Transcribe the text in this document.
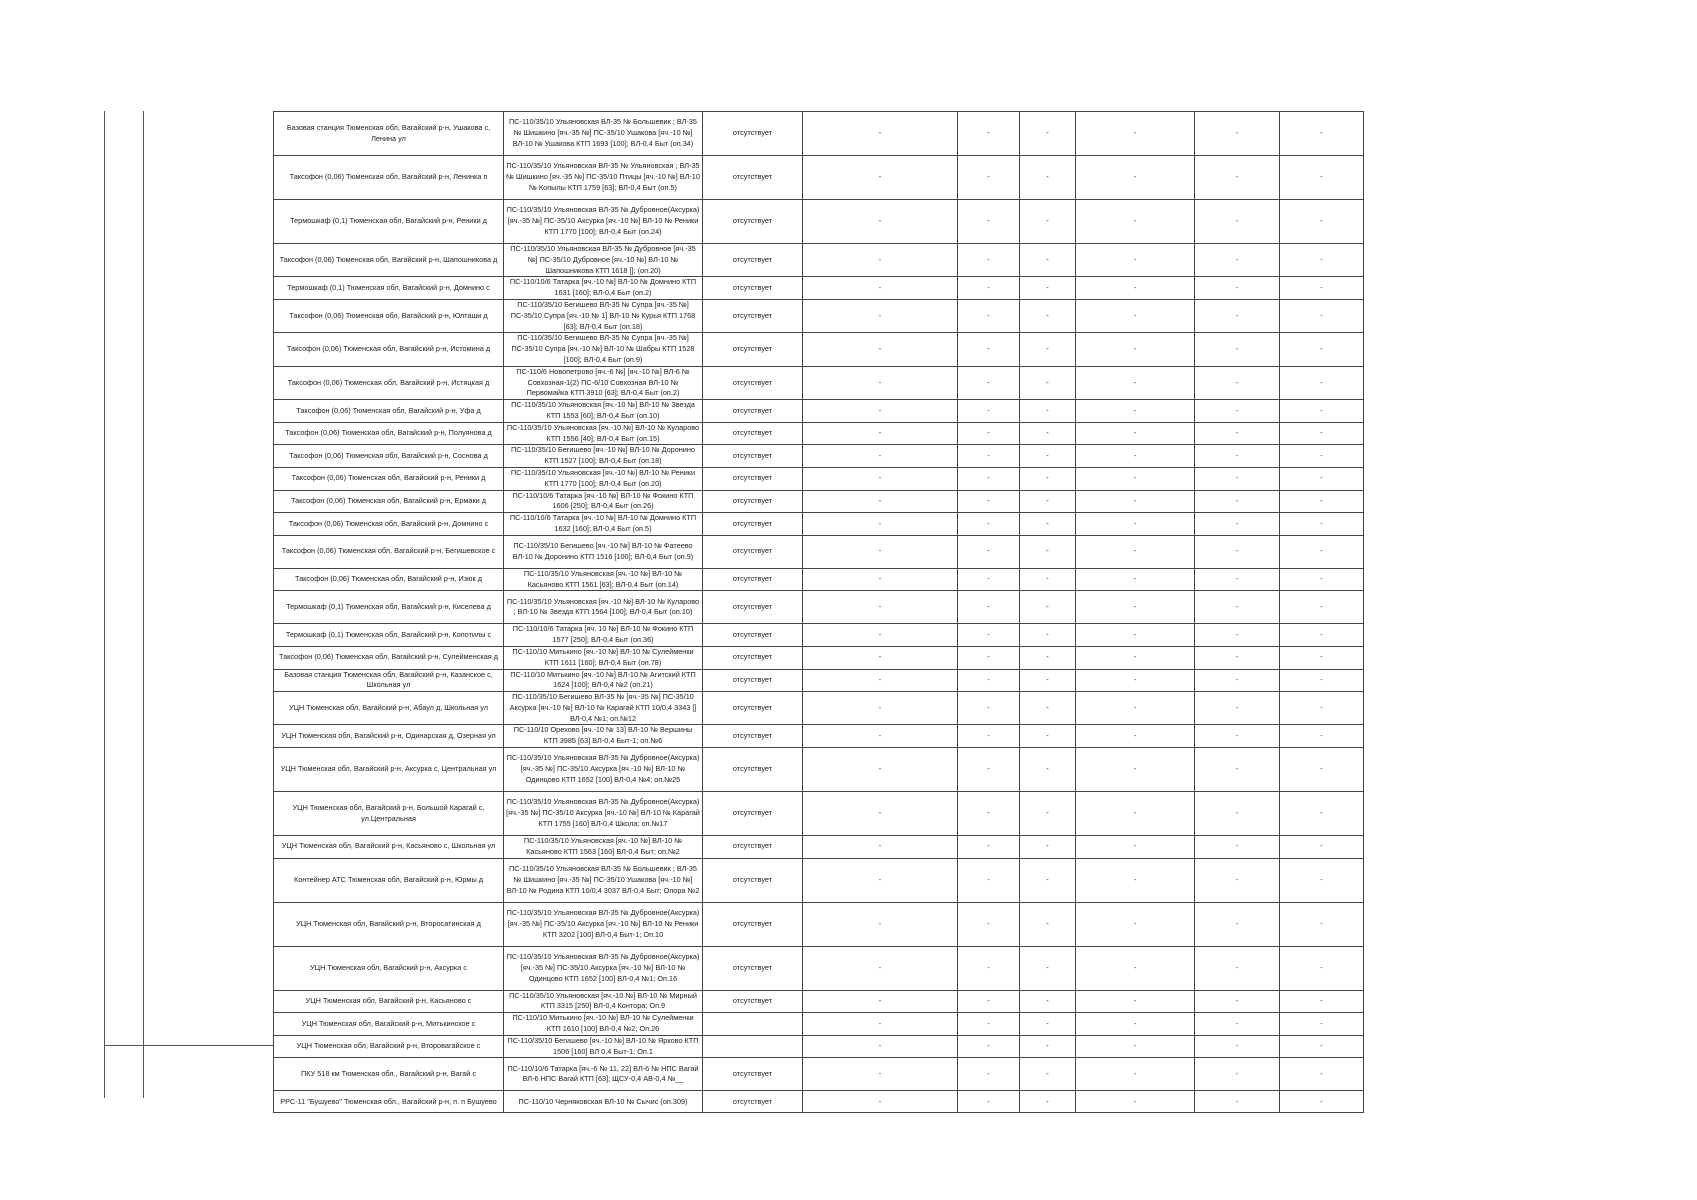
Базовая станция Тюменская обл, Вагайский р-н, Ушакова с, Ленина ул	ПС-110/35/10 Ульяновская ВЛ-35 № Большевик ; ВЛ-35 № Шишкино [яч.-35 №] ПС-35/10 Ушакова [яч.-10 №] ВЛ-10 № Ушакова КТП 1693 [100]; ВЛ-0,4 Быт (оп.34)	отсутствует	-	-	-	-	-	-
Таксофон (0,06) Тюменская обл, Вагайский р-н, Ленинка п	ПС-110/35/10 Ульяновская ВЛ-35 № Ульяновская ; ВЛ-35 № Шишкино [яч.-35 №] ПС-35/10 Птицы [яч.-10 №] ВЛ-10 № Копылы КТП 1759 [63]; ВЛ-0,4 Быт (оп.5)	отсутствует	-	-	-	-	-	-
Термошкаф (0,1) Тюменская обл, Вагайский р-н, Реники д	ПС-110/35/10 Ульяновская ВЛ-35 № Дубровное(Аксурка) [яч.-35 №] ПС-35/10 Аксурка [яч.-10 №] ВЛ-10 № Реники КТП 1770 [100]; ВЛ-0,4 Быт (оп.24)	отсутствует	-	-	-	-	-	-
Таксофон (0,06) Тюменская обл, Вагайский р-н, Шапошникова д	ПС-110/35/10 Ульяновская ВЛ-35 № Дубровное [яч.-35 №] ПС-35/10 Дубровное [яч.-10 №] ВЛ-10 № Шапошникова КТП 1618 []; (оп.20)	отсутствует	-	-	-	-	-	-
Термошкаф (0,1) Тюменская обл, Вагайский р-н, Домнино с	ПС-110/10/6 Татарка [яч.-10 №] ВЛ-10 № Домнино КТП 1631 [160]; ВЛ-0,4 Быт (оп.2)	отсутствует	-	-	-	-	-	-
Таксофон (0,06) Тюменская обл, Вагайский р-н, Юлташи д	ПС-110/35/10 Бегишево ВЛ-35 № Супра [яч.-35 №] ПС-35/10 Супра [яч.-10 № 1] ВЛ-10 № Курья КТП 1768 [63]; ВЛ-0,4 Быт (оп.18)	отсутствует	-	-	-	-	-	-
Таксофон (0,06) Тюменская обл, Вагайский р-н, Истомина д	ПС-110/35/10 Бегишево ВЛ-35 № Супра [яч.-35 №] ПС-35/10 Супра [яч.-10 №] ВЛ-10 № Шабры КТП 1528 [100]; ВЛ-0,4 Быт (оп.9)	отсутствует	-	-	-	-	-	-
Таксофон (0,06) Тюменская обл, Вагайский р-н, Истяцкая д	ПС-110/6 Новопетрово [яч.-6 №] [яч.-10 №] ВЛ-6 № Совхозная-1(2) ПС-6/10 Совхозная ВЛ-10 № Первомайка КТП 3910 [63]; ВЛ-0,4 Быт (оп.2)	отсутствует	-	-	-	-	-	-
Таксофон (0,06) Тюменская обл, Вагайский р-н, Уфа д	ПС-110/35/10 Ульяновская [яч.-10 №] ВЛ-10 № Звезда КТП 1553 [60]; ВЛ-0,4 Быт (оп.10)	отсутствует	-	-	-	-	-	-
Таксофон (0,06) Тюменская обл, Вагайский р-н, Полуянова д	ПС-110/35/10 Ульяновская [яч.-10 №] ВЛ-10 № Куларово КТП 1556 [40]; ВЛ-0,4 Быт (оп.15)	отсутствует	-	-	-	-	-	-
Таксофон (0,06) Тюменская обл, Вагайский р-н, Сосновa д	ПС-110/35/10 Бегишево [яч.-10 №] ВЛ-10 № Доронино КТП 1527 [100]; ВЛ-0,4 Быт (оп.18)	отсутствует	-	-	-	-	-	-
Таксофон (0,06) Тюменская обл, Вагайский р-н, Реники д	ПС-110/35/10 Ульяновская [яч.-10 №] ВЛ-10 № Реники КТП 1770 [100]; ВЛ-0,4 Быт (оп.20)	отсутствует	-	-	-	-	-	-
Таксофон (0,06) Тюменская обл, Вагайский р-н, Ермаки д	ПС-110/10/6 Татарка [яч.-10 №] ВЛ-10 № Фокино КТП 1606 [250]; ВЛ-0,4 Быт (оп.26)	отсутствует	-	-	-	-	-	-
Таксофон (0,06) Тюменская обл, Вагайский р-н, Домнино с	ПС-110/10/6 Татарка [яч.-10 №] ВЛ-10 № Домнино КТП 1632 [160]; ВЛ-0,4 Быт (оп.5)	отсутствует	-	-	-	-	-	-
Таксофон (0,06) Тюменская обл, Вагайский р-н, Бегишевское с	ПС-110/35/10 Бегишево [яч.-10 №] ВЛ-10 № Фатеево ВЛ-10 № Доронино КТП 1516 [100]; ВЛ-0,4 Быт (оп.9)	отсутствует	-	-	-	-	-	-
Таксофон (0,06) Тюменская обл, Вагайский р-н, Изюк д	ПС-110/35/10 Ульяновская [яч.-10 №] ВЛ-10 № Касьяново КТП 1561 [63]; ВЛ-0,4 Быт (оп.14)	отсутствует	-	-	-	-	-	-
Термошкаф (0,1) Тюменская обл, Вагайский р-н, Киселева д	ПС-110/35/10 Ульяновская [яч.-10 №] ВЛ-10 № Куларово ; ВЛ-10 № Звезда КТП 1564 [100]; ВЛ-0,4 Быт (оп.10)	отсутствует	-	-	-	-	-	-
Термошкаф (0,1) Тюменская обл, Вагайский р-н, Копотилы с	ПС-110/10/6 Татарка [яч. 10 №] ВЛ-10 № Фокино КТП 1577 [250]; ВЛ-0,4 Быт (оп.36)	отсутствует	-	-	-	-	-	-
Таксофон (0,06) Тюменская обл, Вагайский р-н, Сулейменская д	ПС-110/10 Митькино [яч.-10 №] ВЛ-10 № Сулейменки КТП 1611 [160]; ВЛ-0,4 Быт (оп.78)	отсутствует	-	-	-	-	-	-
Базовая станция Тюменская обл, Вагайский р-н, Казанское с, Школьная ул	ПС-110/10 Митькино [яч.-10 №] ВЛ-10 № Агитский КТП 1624 [100]; ВЛ-0,4 №2 (оп.21)	отсутствует	-	-	-	-	-	-
УЦН Тюменская обл, Вагайский р-н, Абаул д, Школьная ул	ПС-110/35/10 Бегишево ВЛ-35 № [яч.-35 №] ПС-35/10 Аксурка [яч.-10 №] ВЛ-10 № Карагай КТП 10/0,4 3343 [] ВЛ-0,4 №1; оп.№12	отсутствует	-	-	-	-	-	-
УЦН Тюменская обл, Вагайский р-н, Одинарская д, Озерная ул	ПС-110/10 Орехово [яч.-10 № 13] ВЛ-10 № Вершины КТП 3985 [63] ВЛ-0,4 Быт-1; оп.№6	отсутствует	-	-	-	-	-	-
УЦН Тюменская обл, Вагайский р-н, Аксурка с, Центральная ул	ПС-110/35/10 Ульяновская ВЛ-35 № Дубровное(Аксурка) [яч.-35 №] ПС-35/10 Аксурка [яч.-10 №] ВЛ-10 № Одинцово КТП 1652 [100] ВЛ-0,4 №4; оп.№25	отсутствует	-	-	-	-	-	-
УЦН Тюменская обл, Вагайский р-н, Большой Карагай с, ул.Центральная	ПС-110/35/10 Ульяновская ВЛ-35 № Дубровное(Аксурка) [яч.-35 №] ПС-35/10 Аксурка [яч.-10 №] ВЛ-10 № Карагай КТП 1755 [160] ВЛ-0,4 Школа; оп.№17	отсутствует	-	-	-	-	-	-
УЦН Тюменская обл, Вагайский р-н, Касьяново с, Школьная ул	ПС-110/35/10 Ульяновская [яч.-10 №] ВЛ-10 № Касьяново КТП 1563 [160] ВЛ-0,4 Быт; оп.№2	отсутствует	-	-	-	-	-	-
Контейнер АТС Тюменская обл, Вагайский р-н, Юрмы д	ПС-110/35/10 Ульяновская ВЛ-35 № Большевик ; ВЛ-35 № Шишкино [яч.-35 №] ПС-35/10 Ушакова [яч.-10 №] ВЛ-10 № Родина КТП 10/0,4 3037 ВЛ-0,4 Быт; Опора №2	отсутствует	-	-	-	-	-	-
УЦН Тюменская обл, Вагайский р-н, Второсатинская д	ПС-110/35/10 Ульяновская ВЛ-35 № Дубровное(Аксурка) [яч.-35 №] ПС-35/10 Аксурка [яч.-10 №] ВЛ-10 № Реники КТП 3202 [100] ВЛ-0,4 Быт-1; Оп.10	отсутствует	-	-	-	-	-	-
УЦН Тюменская обл, Вагайский р-н, Аксурка с	ПС-110/35/10 Ульяновская ВЛ-35 № Дубровное(Аксурка) [яч.-35 №] ПС-35/10 Аксурка [яч.-10 №] ВЛ-10 № Одинцово КТП 1652 [100] ВЛ-0,4 №1; Оп.16	отсутствует	-	-	-	-	-	-
УЦН Тюменская обл, Вагайский р-н, Касьяново с	ПС-110/35/10 Ульяновская [яч.-10 №] ВЛ-10 № Мирный КТП 3315 [250] ВЛ-0,4 Контора; Оп.9	отсутствует	-	-	-	-	-	-
УЦН Тюменская обл, Вагайский р-н, Митькинское с	ПС-110/10 Митькино [яч.-10 №] ВЛ-10 № Сулейменки КТП 1610 [100] ВЛ-0,4 №2; Оп.26		-	-	-	-	-	-
УЦН Тюменская обл, Вагайский р-н, Второвагайское с	ПС-110/35/10 Бегишево [яч.-10 №] ВЛ-10 № Ярково КТП 1506 [160] ВЛ 0,4 Быт-1; Оп.1		-	-	-	-	-	-
ПКУ 518 км Тюменская обл., Вагайский р-н, Вагай с	ПС-110/10/6 Татарка [яч.-6 № 11, 22] ВЛ-6 № НПС Вагай ВЛ-6 НПС Вагай КТП [63]; ЩСУ-0,4 АВ-0,4 №__	отсутствует	-	-	-	-	-	-
РРС-11 "Бушуево" Тюменская обл., Вагайский р-н, п. п Бушуево	ПС-110/10 Черняковская ВЛ-10 № Сычис (оп.309)	отсутствует	-	-	-	-	-	-
